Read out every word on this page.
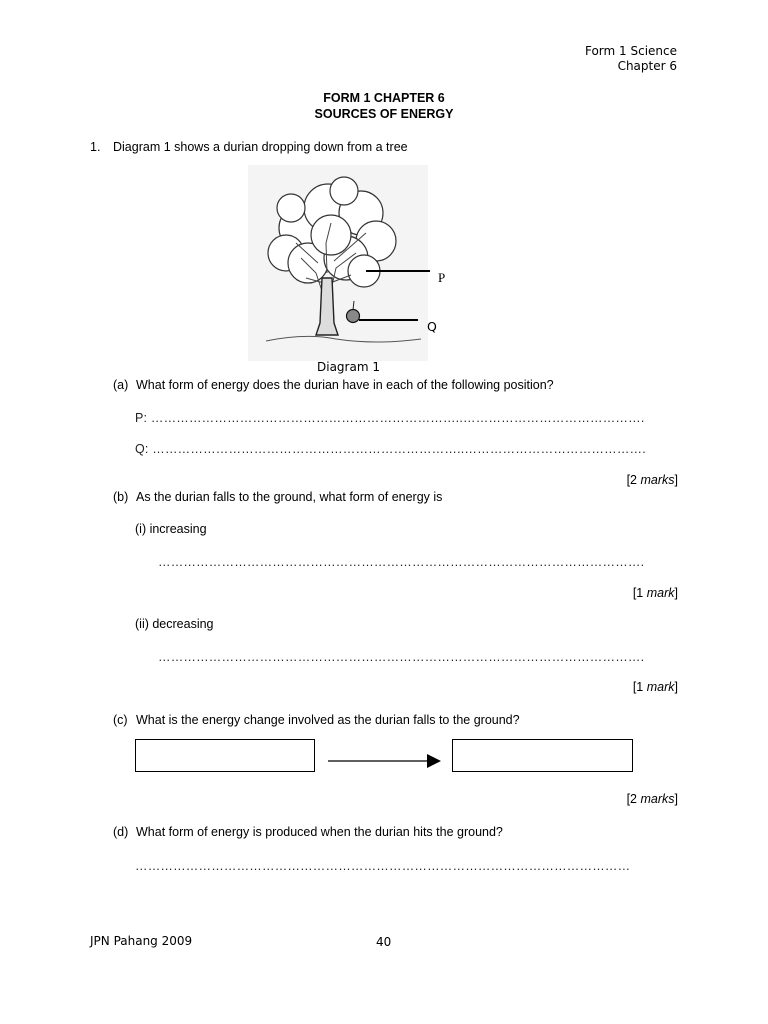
Form 1 Science
Chapter 6
FORM 1 CHAPTER 6
SOURCES OF ENERGY
1. Diagram 1 shows a durian dropping down from a tree
P
Q
Diagram 1
(a) What form of energy does the durian have in each of the following position?
P: ………………………………………………………………..…………………………………….
Q: ………………………………………………………………..…………………………………….
[2 marks]
(b) As the durian falls to the ground, what form of energy is
(i) increasing
…………………………………………………………………………………………………….
[1 mark]
(ii) decreasing
…………………………………………………………………………………………………….
[1 mark]
(c) What is the energy change involved as the durian falls to the ground?
[2 marks]
(d) What form of energy is produced when the durian hits the ground?
………………………………………………………………………………………………………
JPN Pahang 2009	40
